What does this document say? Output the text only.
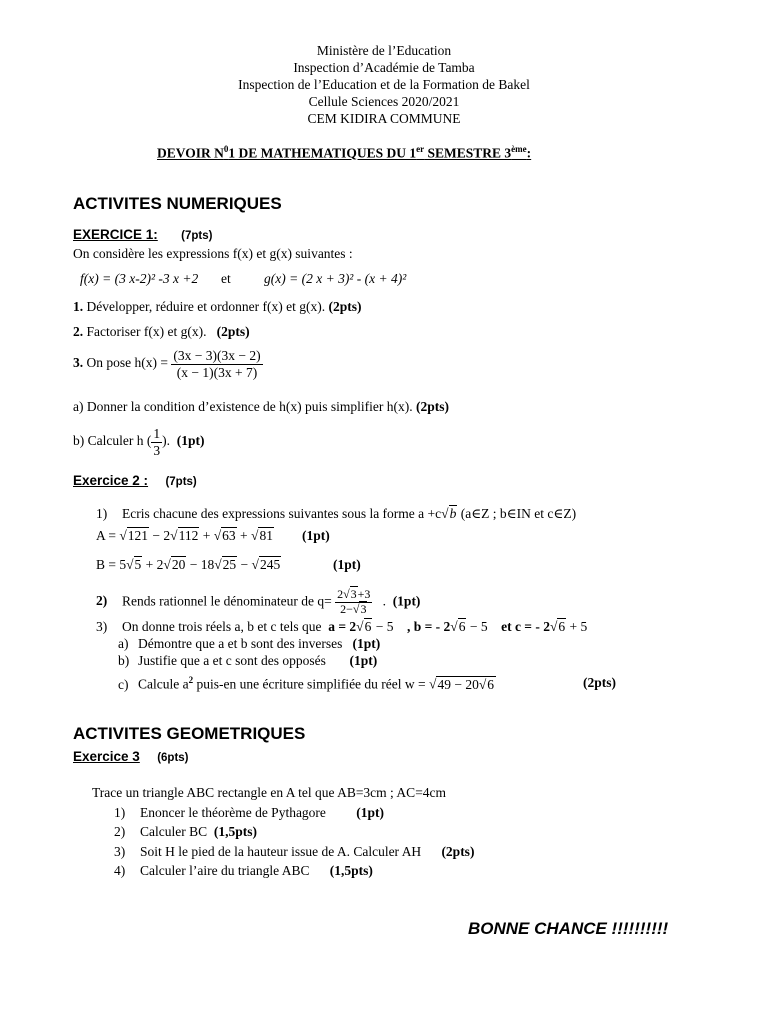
Ministère de l’Education
Inspection d’Académie de Tamba
Inspection de l’Education et de la Formation de Bakel
Cellule Sciences 2020/2021
CEM KIDIRA COMMUNE
DEVOIR $N^01$ DE MATHEMATIQUES DU 1er SEMESTRE 3ème:
ACTIVITES NUMERIQUES
EXERCICE 1: (7pts)
On considère les expressions f(x) et g(x) suivantes :
f(x) = (3 x-2)² -3 x +2 et g(x) = (2 x + 3)² - (x + 4)²
1. Développer, réduire et ordonner f(x) et g(x). (2pts)
2. Factoriser f(x) et g(x). (2pts)
3. On pose $h(x) = \frac{(3x - 3)(3x - 2)}{(x - 1)(3x + 7)}$
a) Donner la condition d’existence de h(x) puis simplifier h(x). (2pts)
b) Calculer h ( $\frac{1}{3}$ ). (1pt)
Exercice 2 : (7pts)
1) Ecris chacune des expressions suivantes sous la forme a +c√b (a∈Z ; b∈IN et c∈Z)
A = √121 − 2√112 + √63 + √81 (1pt)
B = 5√5 + 2√20 − 18√25 − √245	(1pt)
2) Rends rationnel le dénominateur de $q= \frac{2√3+3}{2-√3}$ . (1pt)
3) On donne trois réels a, b et c tels que a = 2√6 − 5 , b = - 2√6 − 5 et c = - 2√6 + 5
a) Démontre que a et b sont des inverses (1pt)
b) Justifie que a et c sont des opposés (1pt)
c) Calcule $a^2$ puis-en une écriture simplifiée du réel w = √49 − 20√6	(2pts)
ACTIVITES GEOMETRIQUES
Exercice 3 (6pts)
Trace un triangle ABC rectangle en A tel que AB=3cm ; AC=4cm
1) Enoncer le théorème de Pythagore (1pt)
2) Calculer BC (1,5pts)
3) Soit H le pied de la hauteur issue de A. Calculer AH (2pts)
4) Calculer l’aire du triangle ABC (1,5pts)
BONNE CHANCE !!!!!!!!!!
